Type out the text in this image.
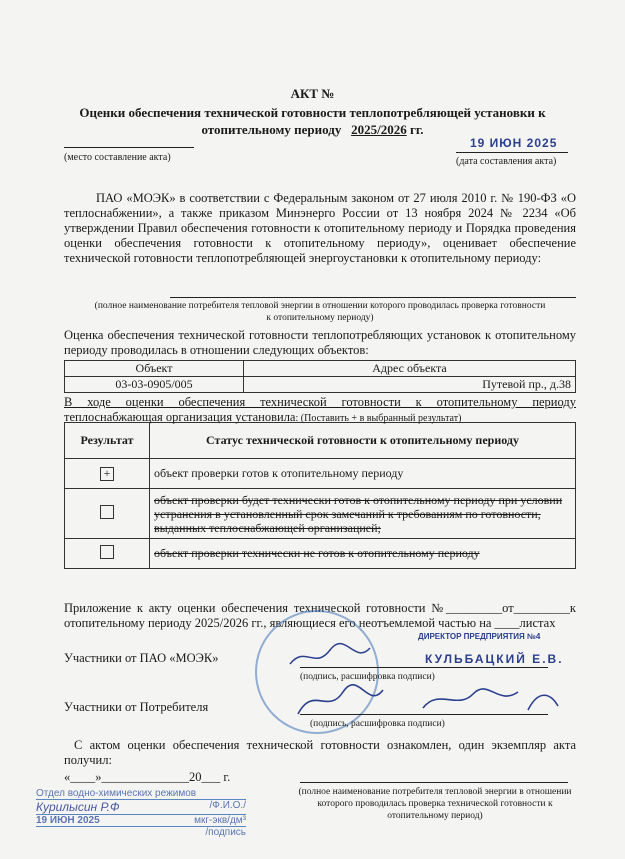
АКТ №
Оценки обеспечения технической готовности теплопотребляющей установки к
отопительному периоду 2025/2026 гг.
(место составление акта)
19 ИЮН 2025
(дата составления акта)
ПАО «МОЭК» в соответствии с Федеральным законом от 27 июля 2010 г. № 190-ФЗ «О теплоснабжении», а также приказом Минэнерго России от 13 ноября 2024 № 2234 «Об утверждении Правил обеспечения готовности к отопительному периоду и Порядка проведения оценки обеспечения готовности к отопительному периоду», оценивает обеспечение технической готовности теплопотребляющей энергоустановки к отопительному периоду:
(полное наименование потребителя тепловой энергии в отношении которого проводилась проверка готовности
к отопительному периоду)
Оценка обеспечения технической готовности теплопотребляющих установок к отопительному периоду проводилась в отношении следующих объектов:
Объект	Адрес объекта
03-03-0905/005	Путевой пр., д.38
В ходе оценки обеспечения технической готовности к отопительному периоду теплоснабжающая организация установила: (Поставить + в выбранный результат)
Результат	Статус технической готовности к отопительному периоду
+	объект проверки готов к отопительному периоду
	объект проверки будет технически готов к отопительному периоду при условии устранения в установленный срок замечаний к требованиям по готовности, выданных теплоснабжающей организацией;
	объект проверки технически не готов к отопительному периоду
Приложение к акту оценки обеспечения технической готовности №_________от_________к отопительному периоду 2025/2026 гг., являющиеся его неотъемлемой частью на ____листах
Участники от ПАО «МОЭК»
ДИРЕКТОР ПРЕДПРИЯТИЯ №4
КУЛЬБАЦКИЙ Е.В.
(подпись, расшифровка подписи)
Участники от Потребителя
(подпись, расшифровка подписи)
С актом оценки обеспечения технической готовности ознакомлен, один экземпляр акта получил:
«____»______________20___ г.
(полное наименование потребителя тепловой энергии в отношении которого проводилась проверка технической готовности к отопительному период)
Отдел водно-химических режимов
Курилысин Р.Ф	/Ф.И.О./
19 ИЮН 2025	мкг-экв/дм³
/подпись
